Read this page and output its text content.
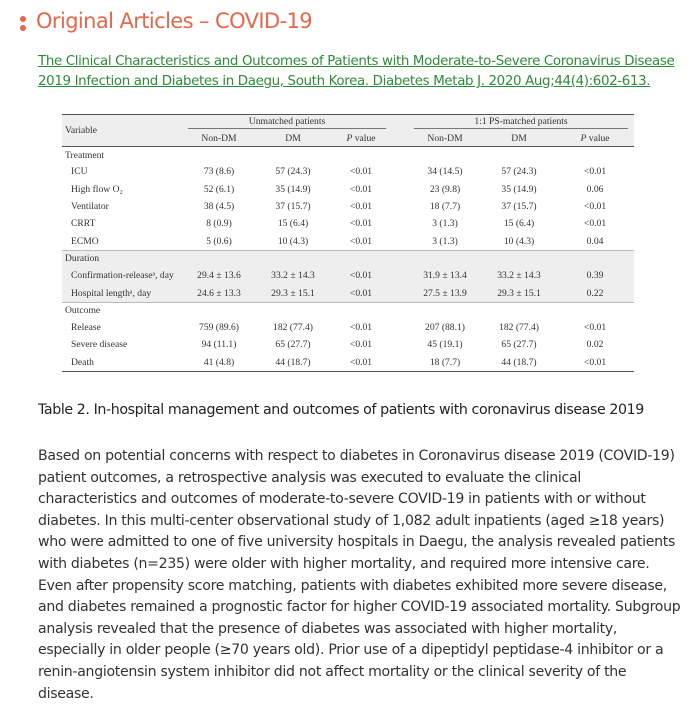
Original Articles – COVID-19
The Clinical Characteristics and Outcomes of Patients with Moderate-to-Severe Coronavirus Disease 2019 Infection and Diabetes in Daegu, South Korea. Diabetes Metab J. 2020 Aug;44(4):602-613.
Variable	Unmatched patients				1:1 PS-matched patients		

	Non-DM	DM	P value		Non-DM	DM	P value
Treatment							
ICU	73 (8.6)	57 (24.3)	<0.01		34 (14.5)	57 (24.3)	<0.01
High flow O₂	52 (6.1)	35 (14.9)	<0.01		23 (9.8)	35 (14.9)	0.06
Ventilator	38 (4.5)	37 (15.7)	<0.01		18 (7.7)	37 (15.7)	<0.01
CRRT	8 (0.9)	15 (6.4)	<0.01		3 (1.3)	15 (6.4)	<0.01
ECMO	5 (0.6)	10 (4.3)	<0.01		3 (1.3)	10 (4.3)	0.04
Duration							
Confirmation-releaseᵃ, day	29.4 ± 13.6	33.2 ± 14.3	<0.01		31.9 ± 13.4	33.2 ± 14.3	0.39
Hospital lengthᵃ, day	24.6 ± 13.3	29.3 ± 15.1	<0.01		27.5 ± 13.9	29.3 ± 15.1	0.22
Outcome							
Release	759 (89.6)	182 (77.4)	<0.01		207 (88.1)	182 (77.4)	<0.01
Severe disease	94 (11.1)	65 (27.7)	<0.01		45 (19.1)	65 (27.7)	0.02
Death	41 (4.8)	44 (18.7)	<0.01		18 (7.7)	44 (18.7)	<0.01
Table 2. In-hospital management and outcomes of patients with coronavirus disease 2019

Based on potential concerns with respect to diabetes in Coronavirus disease 2019 (COVID-19) patient outcomes, a retrospective analysis was executed to evaluate the clinical characteristics and outcomes of moderate-to-severe COVID-19 in patients with or without diabetes. In this multi-center observational study of 1,082 adult inpatients (aged ≥18 years) who were admitted to one of five university hospitals in Daegu, the analysis revealed patients with diabetes (n=235) were older with higher mortality, and required more intensive care. Even after propensity score matching, patients with diabetes exhibited more severe disease, and diabetes remained a prognostic factor for higher COVID-19 associated mortality. Subgroup analysis revealed that the presence of diabetes was associated with higher mortality, especially in older people (≥70 years old). Prior use of a dipeptidyl peptidase-4 inhibitor or a renin-angiotensin system inhibitor did not affect mortality or the clinical severity of the disease.
